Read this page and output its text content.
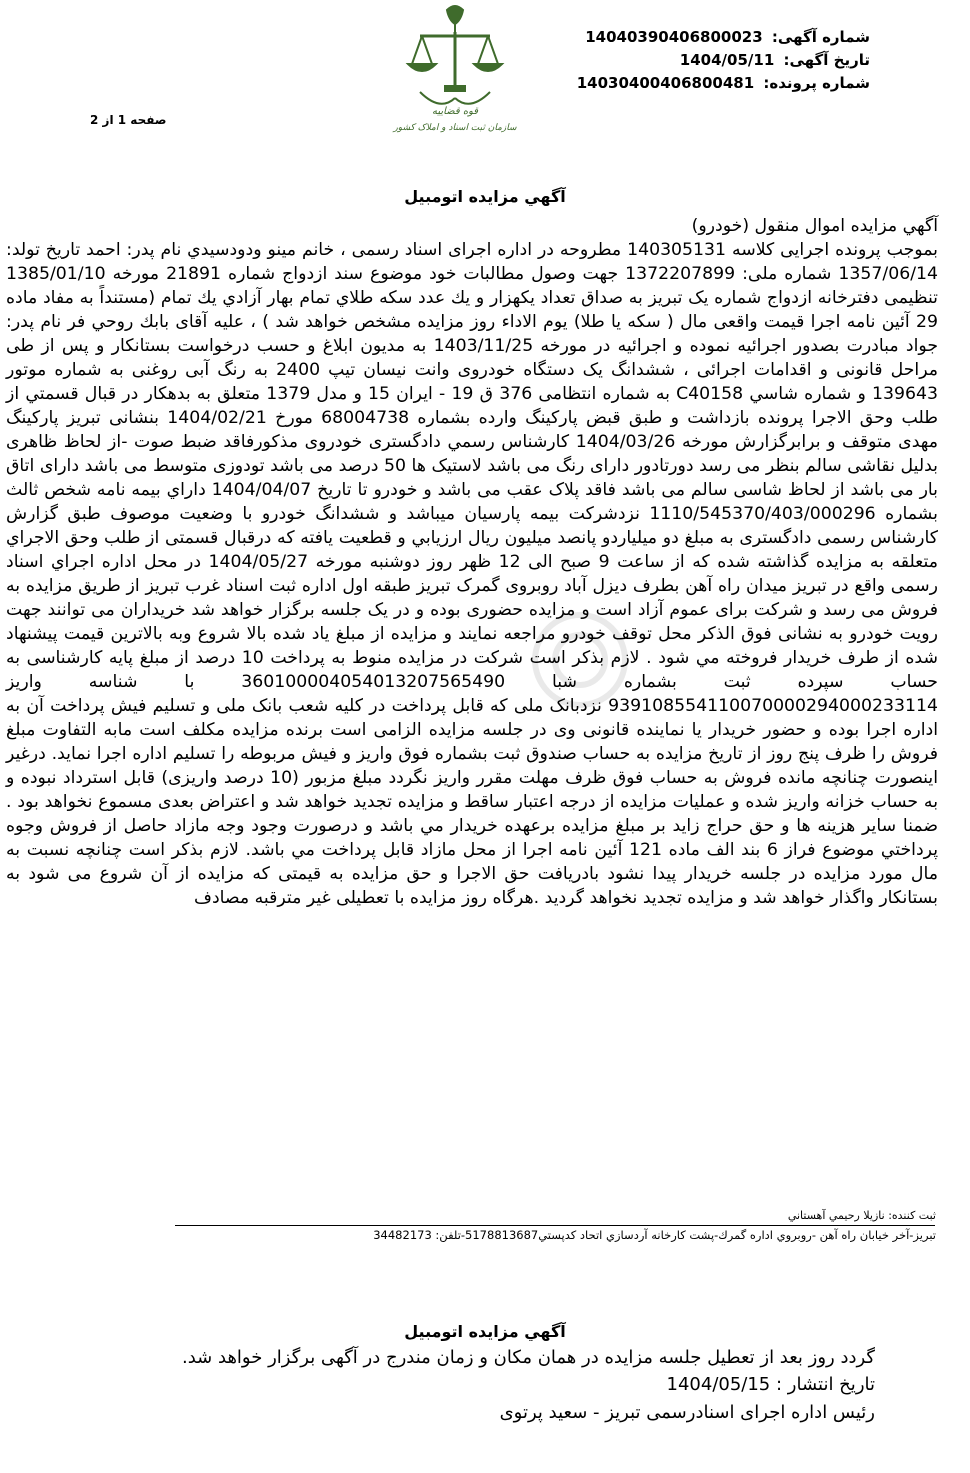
شماره آگهی: 14040390406800023
تاریخ آگهی: 1404/05/11
شماره پرونده: 14030400406800481
قوه قضاییه
سازمان ثبت اسناد و املاک کشور
صفحه 1 از 2
آگهي مزايده اتومبيل

آگهي مزايده اموال منقول (خودرو)

بموجب پرونده اجرایی کلاسه 140305131 مطروحه در اداره اجرای اسناد رسمی ، خانم مینو ودودسیدي نام پدر: احمد تاریخ تولد: 1357/06/14 شماره ملی: 1372207899 جهت وصول مطالبات خود موضوع سند ازدواج شماره 21891 مورخه 1385/01/10 تنظیمی دفترخانه ازدواج شماره یک تبریز به صداق تعداد یکهزار و یك عدد سکه طلاي تمام بهار آزادي يك تمام (مستنداً به مفاد ماده 29 آئین نامه اجرا قیمت واقعی مال ( سکه یا طلا) یوم الاداء روز مزایده مشخص خواهد شد ) ، علیه آقای بابك روحي فر نام پدر: جواد مبادرت بصدور اجرائیه نموده و اجرائیه در مورخه 1403/11/25 به مدیون ابلاغ و حسب درخواست بستانکار و پس از طی مراحل قانونی و اقدامات اجرائی ، ششدانگ یک دستگاه خودروی وانت نیسان تیپ 2400 به رنگ آبی روغنی به شماره موتور 139643 و شماره شاسي C40158 به شماره انتظامی 376 ق 19 - ایران 15 و مدل 1379 متعلق به بدهکار در قبال قسمتي از طلب وحق الاجرا پرونده بازداشت و طبق قبض پارکینگ وارده بشماره 68004738 مورخ 1404/02/21 بنشانی تبریز پارکینگ مهدی متوقف و برابرگزارش مورخه 1404/03/26 کارشناس رسمي دادگستری خودروی مذکورفاقد ضبط صوت -از لحاظ ظاهری بدلیل نقاشی سالم بنظر می رسد دورتادور دارای رنگ می باشد لاستیک ها 50 درصد می باشد تودوزی متوسط می باشد دارای اتاق بار می باشد از لحاظ شاسی سالم می باشد فاقد پلاک عقب می باشد و خودرو تا تاريخ 1404/04/07 داراي بيمه نامه شخص ثالث بشماره 1110/545370/403/000296 نزدشرکت بیمه پارسیان میباشد و ششدانگ خودرو با وضعیت موصوف طبق گزارش کارشناس رسمی دادگستری به مبلغ دو میلیاردو پانصد میلیون ریال ارزيابي و قطعيت يافته كه درقبال قسمتی از طلب وحق الاجراي متعلقه به مزایده گذاشته شده كه از ساعت 9 صبح الی 12 ظهر روز دوشنبه مورخه 1404/05/27 در محل اداره اجراي اسناد رسمی واقع در تبریز میدان راه آهن بطرف دیزل آباد روبروی گمرک تبریز طبقه اول اداره ثبت اسناد غرب تبریز از طریق مزایده به فروش می رسد و شرکت برای عموم آزاد است و مزایده حضوری بوده و در یک جلسه برگزار خواهد شد خریداران می توانند جهت رویت خودرو به نشانی فوق الذکر محل توقف خودرو مراجعه نمایند و مزایده از مبلغ یاد شده بالا شروع وبه بالاترین قیمت پیشنهاد شده از طرف خریدار فروخته مي شود . لازم بذکر است شرکت در مزایده منوط به پرداخت 10 درصد از مبلغ پایه کارشناسی به حساب سپرده ثبت بشماره شبا 360100004054013207565490 با شناسه واریز 939108554110070000294000233114 نزدبانک ملی که قابل پرداخت در کلیه شعب بانک ملی و تسلیم فیش پرداخت آن به اداره اجرا بوده و حضور خریدار یا نماینده قانونی وی در جلسه مزایده الزامی است برنده مزایده مکلف است مابه التفاوت مبلغ فروش را ظرف پنج روز از تاریخ مزایده به حساب صندوق ثبت بشماره فوق واریز و فیش مربوطه را تسلیم اداره اجرا نماید. درغیر اینصورت چنانچه مانده فروش به حساب فوق ظرف مهلت مقرر واریز نگردد مبلغ مزبور (10 درصد واریزی) قابل استرداد نبوده و به حساب خزانه واریز شده و عملیات مزایده از درجه اعتبار ساقط و مزایده تجدید خواهد شد و اعتراض بعدی مسموع نخواهد بود . ضمنا سایر هزینه ها و حق حراج زاید بر مبلغ مزایده برعهده خریدار مي باشد و درصورت وجود وجه مازاد حاصل از فروش وجوه پرداختي موضوع فراز 6 بند الف ماده 121 آئین نامه اجرا از محل مازاد قابل پرداخت مي باشد. لازم بذکر است چنانچه نسبت به مال مورد مزایده در جلسه خریدار پیدا نشود بادریافت حق الاجرا و حق مزایده به قیمتی که مزایده از آن شروع می شود به بستانکار واگذار خواهد شد و مزایده تجدید نخواهد گردید .هرگاه روز مزایده با تعطیلی غیر مترقبه مصادف

ثبت كننده: نازيلا رحيمي آهستاني
تبريز-آخر خيابان راه آهن -روبروي اداره گمرك-پشت كارخانه آردسازي اتحاد كدپستي5178813687-تلفن: 34482173
آگهي مزايده اتومبيل
گردد روز بعد از تعطیل جلسه مزایده در همان مکان و زمان مندرج در آگهی برگزار خواهد شد.
تاریخ انتشار : 1404/05/15
رئيس اداره اجرای اسنادرسمی تبریز - سعید پرتوی
